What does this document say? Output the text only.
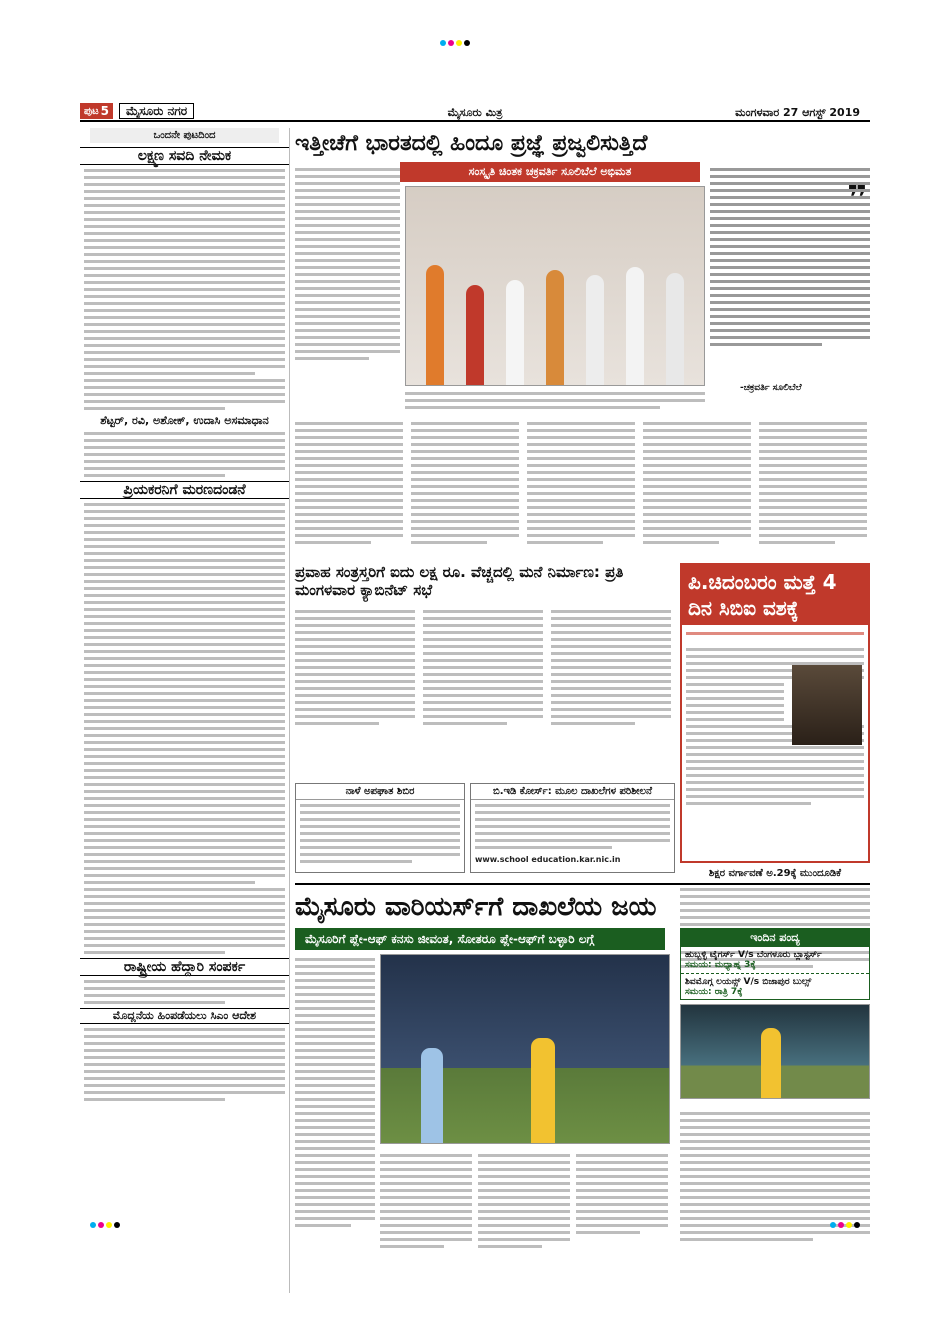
ಪುಟ 5	ಮೈಸೂರು ನಗರ	ಮೈಸೂರು ಮಿತ್ರ	ಮಂಗಳವಾರ 27 ಆಗಸ್ಟ್ 2019
ಒಂದನೇ ಪುಟದಿಂದ
ಲಕ್ಷ್ಮಣ ಸವದಿ ನೇಮಕ
ಶೆಟ್ಟರ್, ರವಿ, ಅಶೋಕ್, ಉದಾಸಿ ಅಸಮಾಧಾನ
ಪ್ರಿಯಕರನಿಗೆ ಮರಣದಂಡನೆ
ರಾಷ್ಟ್ರೀಯ ಹೆದ್ದಾರಿ ಸಂಪರ್ಕ
ಮೊದ್ಲನೆಯ ಹಿಂಪಡೆಯಲು ಸಿಎಂ ಆದೇಶ
ಇತ್ತೀಚೆಗೆ ಭಾರತದಲ್ಲಿ ಹಿಂದೂ ಪ್ರಜ್ಞೆ ಪ್ರಜ್ವಲಿಸುತ್ತಿದೆ
ಸಂಸ್ಕೃತಿ ಚಿಂತಕ ಚಕ್ರವರ್ತಿ ಸೂಲಿಬೆಲೆ ಅಭಿಮತ
-ಚಕ್ರವರ್ತಿ ಸೂಲಿಬೆಲೆ
ಪ್ರವಾಹ ಸಂತ್ರಸ್ತರಿಗೆ ಐದು ಲಕ್ಷ ರೂ. ವೆಚ್ಚದಲ್ಲಿ ಮನೆ ನಿರ್ಮಾಣ: ಪ್ರತಿ ಮಂಗಳವಾರ ಕ್ಯಾಬಿನೆಟ್ ಸಭೆ	ಪಿ.ಚಿದಂಬರಂ ಮತ್ತೆ 4 ದಿನ ಸಿಬಿಐ ವಶಕ್ಕೆ
ಶಿಕ್ಷರ ವರ್ಗಾವಣೆ ಅ.29ಕ್ಕೆ ಮುಂದೂಡಿಕೆ
ನಾಳೆ ಅಪಘಾತ ಶಿಬಿರ	ಬಿ.ಇಡಿ ಕೋರ್ಸ್: ಮೂಲ ದಾಖಲೆಗಳ ಪರಿಶೀಲನೆ
www.school education.kar.nic.in
ಮೈಸೂರು ವಾರಿಯರ್ಸ್‌ಗೆ ದಾಖಲೆಯ ಜಯ
ಮೈಸೂರಿಗೆ ಪ್ಲೇ-ಆಫ್ ಕನಸು ಜೀವಂತ, ಸೋತರೂ ಪ್ಲೇ-ಆಫ್‌ಗೆ ಬಳ್ಳಾರಿ ಲಗ್ಗೆ	ಇಂದಿನ ಪಂದ್ಯ
ಹುಬ್ಬಳ್ಳಿ ಟೈಗರ್ಸ್ V/s ಬೆಂಗಳೂರು ಬ್ಲಾಸ್ಟರ್ಸ್
ಸಮಯ: ಮಧ್ಯಾಹ್ನ 3ಕ್ಕೆ
ಶಿವಮೊಗ್ಗ ಲಯನ್ಸ್ V/s ಬಿಜಾಪುರ ಬುಲ್ಸ್
ಸಮಯ: ರಾತ್ರಿ 7ಕ್ಕೆ
